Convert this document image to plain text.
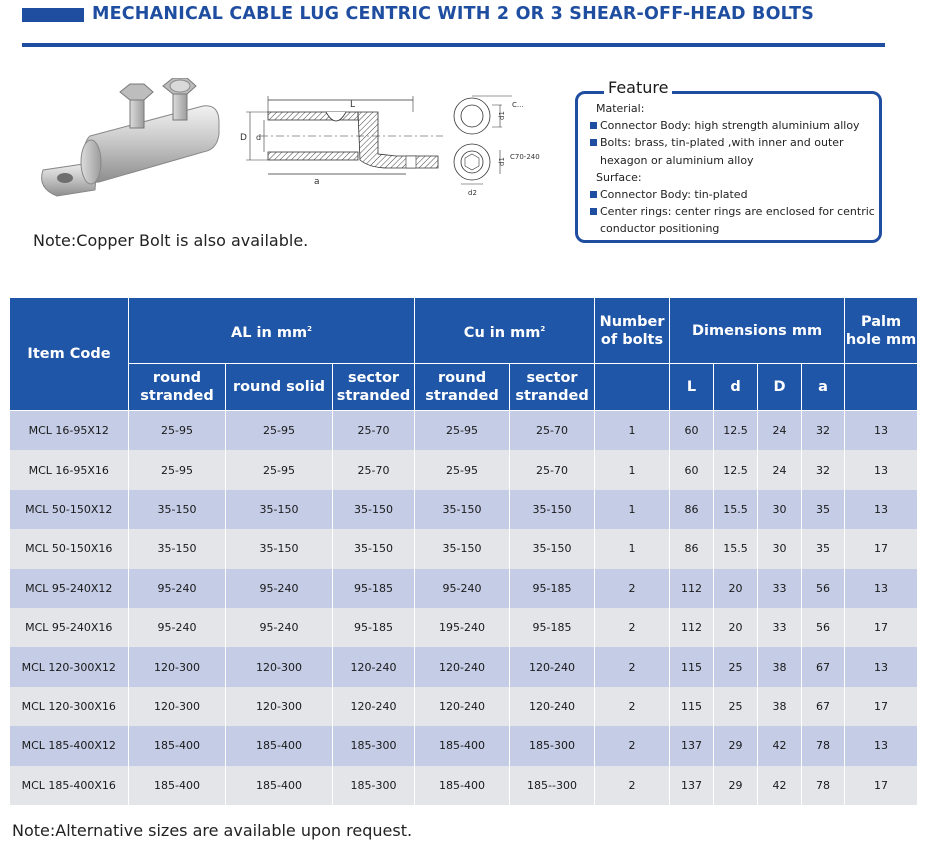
MECHANICAL CABLE LUG CENTRIC WITH 2 OR 3 SHEAR-OFF-HEAD BOLTS
L
D d
a
d1
C...
d1
C70-240
d2
Note:Copper Bolt is also available.
Feature
Material:
Connector Body: high strength aluminium alloy
Bolts: brass, tin-plated ,with inner and outer
hexagon or aluminium alloy
Surface:
Connector Body: tin-plated
Center rings: center rings are enclosed for centric
conductor positioning
Item Code	AL in $mm^2$			Cu in $mm^2$		Number of bolts	Dimensions mm				Palm hole mm
	round stranded	round solid	sector stranded	round stranded	sector stranded		L	d	D	a	
MCL 16-95X12	25-95	25-95	25-70	25-95	25-70	1	60	12.5	24	32	13
MCL 16-95X16	25-95	25-95	25-70	25-95	25-70	1	60	12.5	24	32	13
MCL 50-150X12	35-150	35-150	35-150	35-150	35-150	1	86	15.5	30	35	13
MCL 50-150X16	35-150	35-150	35-150	35-150	35-150	1	86	15.5	30	35	17
MCL 95-240X12	95-240	95-240	95-185	95-240	95-185	2	112	20	33	56	13
MCL 95-240X16	95-240	95-240	95-185	195-240	95-185	2	112	20	33	56	17
MCL 120-300X12	120-300	120-300	120-240	120-240	120-240	2	115	25	38	67	13
MCL 120-300X16	120-300	120-300	120-240	120-240	120-240	2	115	25	38	67	17
MCL 185-400X12	185-400	185-400	185-300	185-400	185-300	2	137	29	42	78	13
MCL 185-400X16	185-400	185-400	185-300	185-400	185--300	2	137	29	42	78	17
Note:Alternative sizes are available upon request.
